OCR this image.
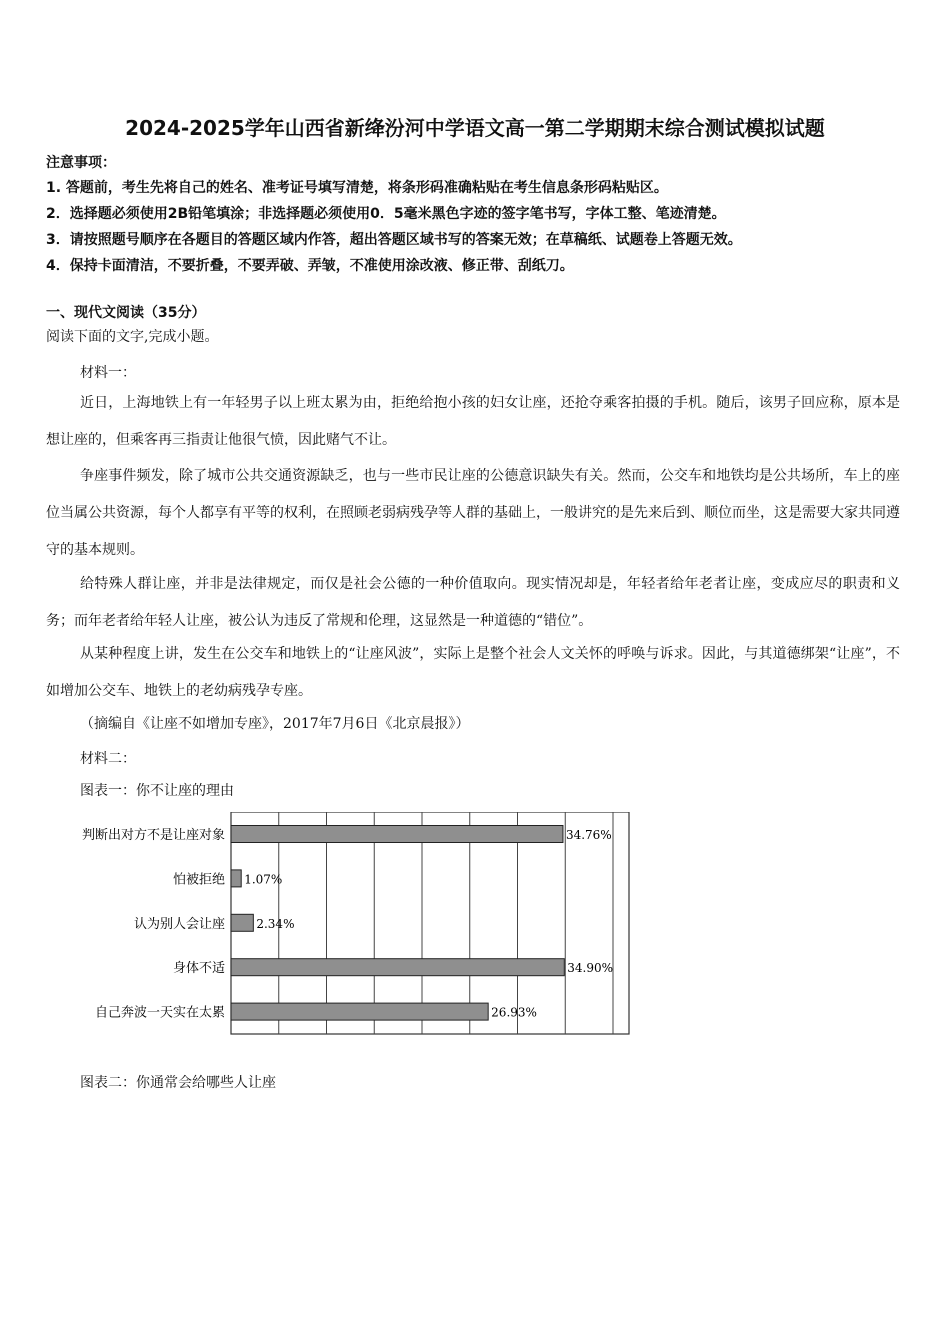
2024-2025学年山西省新绛汾河中学语文高一第二学期期末综合测试模拟试题
注意事项：
1. 答题前，考生先将自己的姓名、准考证号填写清楚，将条形码准确粘贴在考生信息条形码粘贴区。
2．选择题必须使用2B铅笔填涂；非选择题必须使用0．5毫米黑色字迹的签字笔书写，字体工整、笔迹清楚。
3．请按照题号顺序在各题目的答题区域内作答，超出答题区域书写的答案无效；在草稿纸、试题卷上答题无效。
4．保持卡面清洁，不要折叠，不要弄破、弄皱，不准使用涂改液、修正带、刮纸刀。
一、现代文阅读（35分）
阅读下面的文字,完成小题。
材料一：
近日，上海地铁上有一年轻男子以上班太累为由，拒绝给抱小孩的妇女让座，还抢夺乘客拍摄的手机。随后，该男子回应称，原本是想让座的，但乘客再三指责让他很气愤，因此赌气不让。
争座事件频发，除了城市公共交通资源缺乏，也与一些市民让座的公德意识缺失有关。然而，公交车和地铁均是公共场所，车上的座位当属公共资源，每个人都享有平等的权利，在照顾老弱病残孕等人群的基础上，一般讲究的是先来后到、顺位而坐，这是需要大家共同遵守的基本规则。
给特殊人群让座，并非是法律规定，而仅是社会公德的一种价值取向。现实情况却是，年轻者给年老者让座，变成应尽的职责和义务；而年老者给年轻人让座，被公认为违反了常规和伦理，这显然是一种道德的“错位”。
从某种程度上讲，发生在公交车和地铁上的“让座风波”，实际上是整个社会人文关怀的呼唤与诉求。因此，与其道德绑架“让座”，不如增加公交车、地铁上的老幼病残孕专座。
（摘编自《让座不如增加专座》，2017年7月6日《北京晨报》）
材料二：
图表一：你不让座的理由
判断出对方不是让座对象
怕被拒绝
认为别人会让座
身体不适
自己奔波一天实在太累
34.76%
1.07%
2.34%
34.90%
26.93%
图表二：你通常会给哪些人让座
